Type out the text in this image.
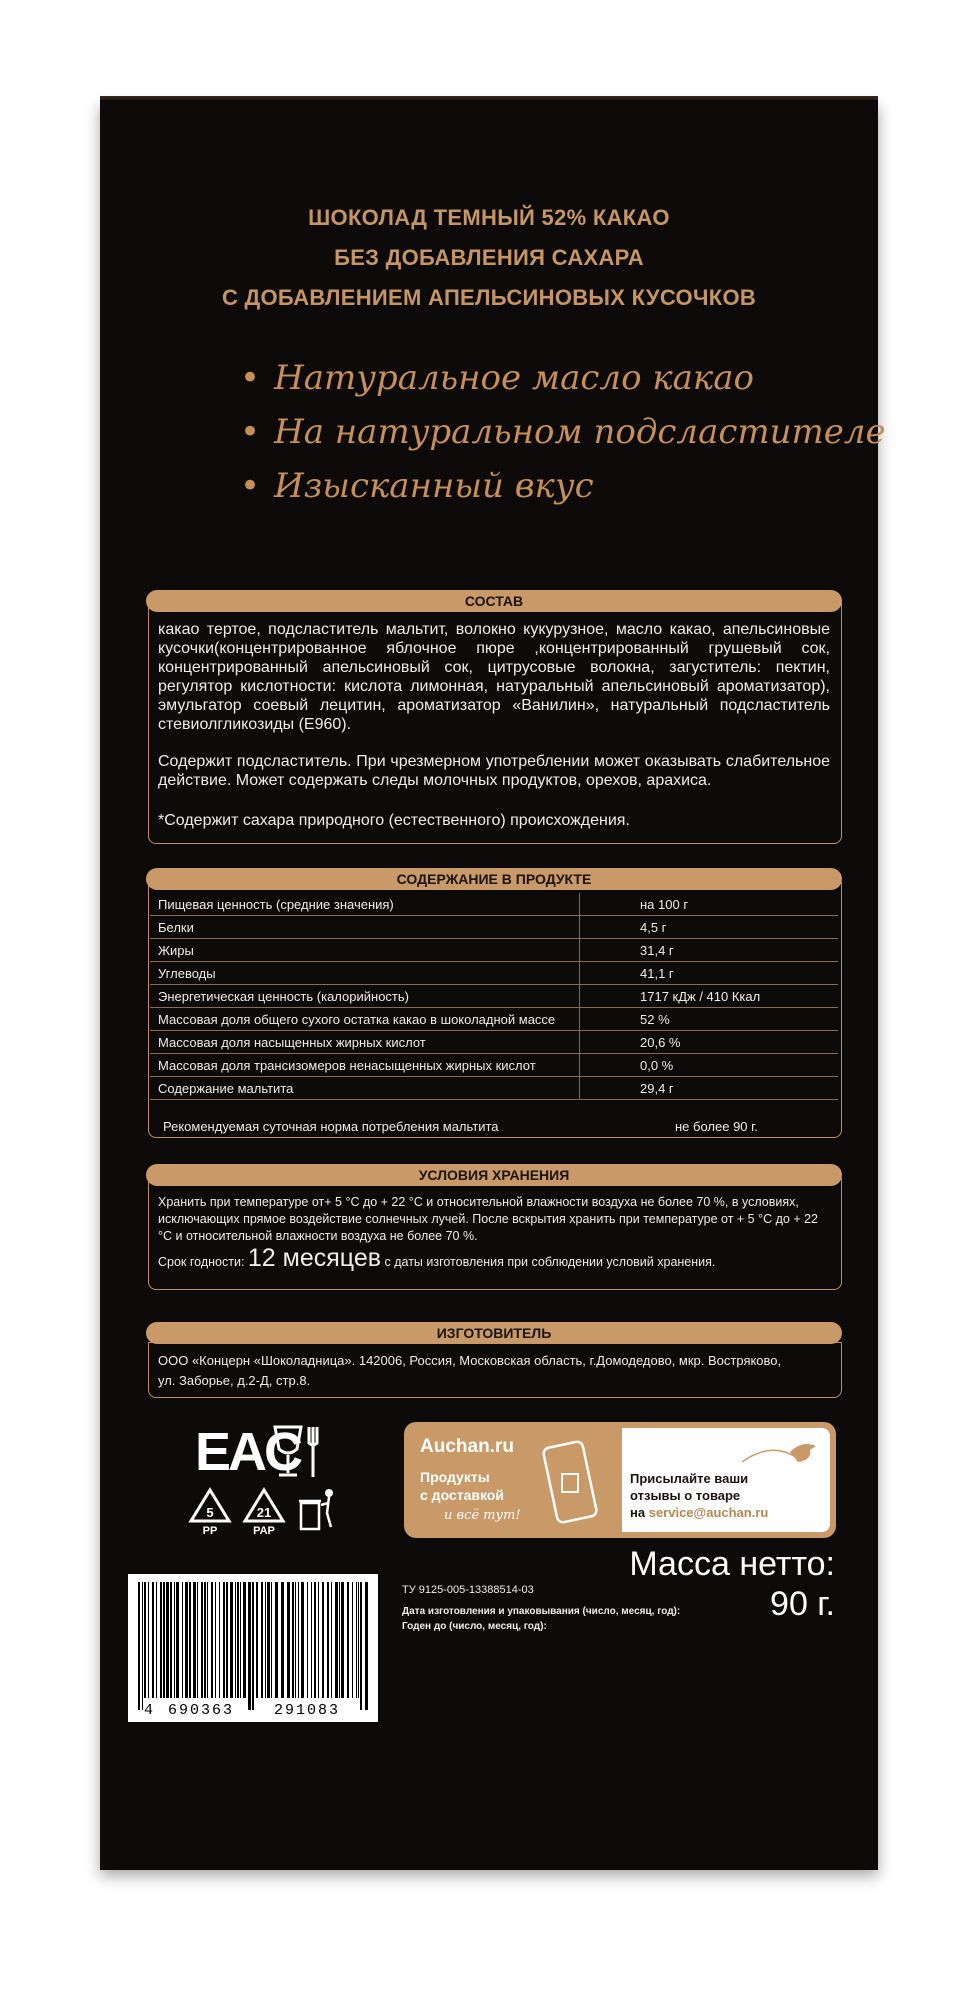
ШОКОЛАД ТЕМНЫЙ 52% КАКАО
БЕЗ ДОБАВЛЕНИЯ САХАРА
С ДОБАВЛЕНИЕМ АПЕЛЬСИНОВЫХ КУСОЧКОВ
• Натуральное масло какао
• На натуральном подсластителе
• Изысканный вкус
СОСТАВ
какао тертое, подсластитель мальтит, волокно кукурузное, масло какао, апельсиновые кусочки(концентрированное яблочное пюре ,концентрированный грушевый сок, концентрированный апельсиновый сок, цитрусовые волокна, загуститель: пектин, регулятор кислотности: кислота лимонная, натуральный апельсиновый ароматизатор), эмульгатор соевый лецитин, ароматизатор «Ванилин», натуральный подсластитель стевиолгликозиды (Е960).
Содержит подсластитель. При чрезмерном употреблении может оказывать слабительное действие. Может содержать следы молочных продуктов, орехов, арахиса.
*Содержит сахара природного (естественного) происхождения.
СОДЕРЖАНИЕ В ПРОДУКТЕ
Пищевая ценность (средние значения)	на 100 г
Белки	4,5 г
Жиры	31,4 г
Углеводы	41,1 г
Энергетическая ценность (калорийность)	1717 кДж / 410 Ккал
Массовая доля общего сухого остатка какао в шоколадной массе	52 %
Массовая доля насыщенных жирных кислот	20,6 %
Массовая доля трансизомеров ненасыщенных жирных кислот	0,0 %
Содержание мальтита	29,4 г
Рекомендуемая суточная норма потребления мальтита	не более 90 г.
УСЛОВИЯ ХРАНЕНИЯ
Хранить при температуре от+ 5 °С до + 22 °С и относительной влажности воздуха не более 70 %, в условиях, исключающих прямое воздействие солнечных лучей. После вскрытия хранить при температуре от + 5 °С до + 22 °С и относительной влажности воздуха не более 70 %.
Срок годности: 12 месяцев с даты изготовления при соблюдении условий хранения.
ИЗГОТОВИТЕЛЬ
ООО «Концерн «Шоколадница». 142006, Россия, Московская область, г.Домодедово, мкр. Востряково,
ул. Заборье, д.2-Д, стр.8.
EAC
5
PP
21
PAP
Auchan.ru
Продукты
с доставкой
и всё тут!
Присылайте ваши
отзывы о товаре
на service@auchan.ru
ТУ 9125-005-13388514-03
Дата изготовления и упаковывания (число, месяц, год):
Годен до (число, месяц, год):
Масса нетто:
90 г.
4 690363	291083
